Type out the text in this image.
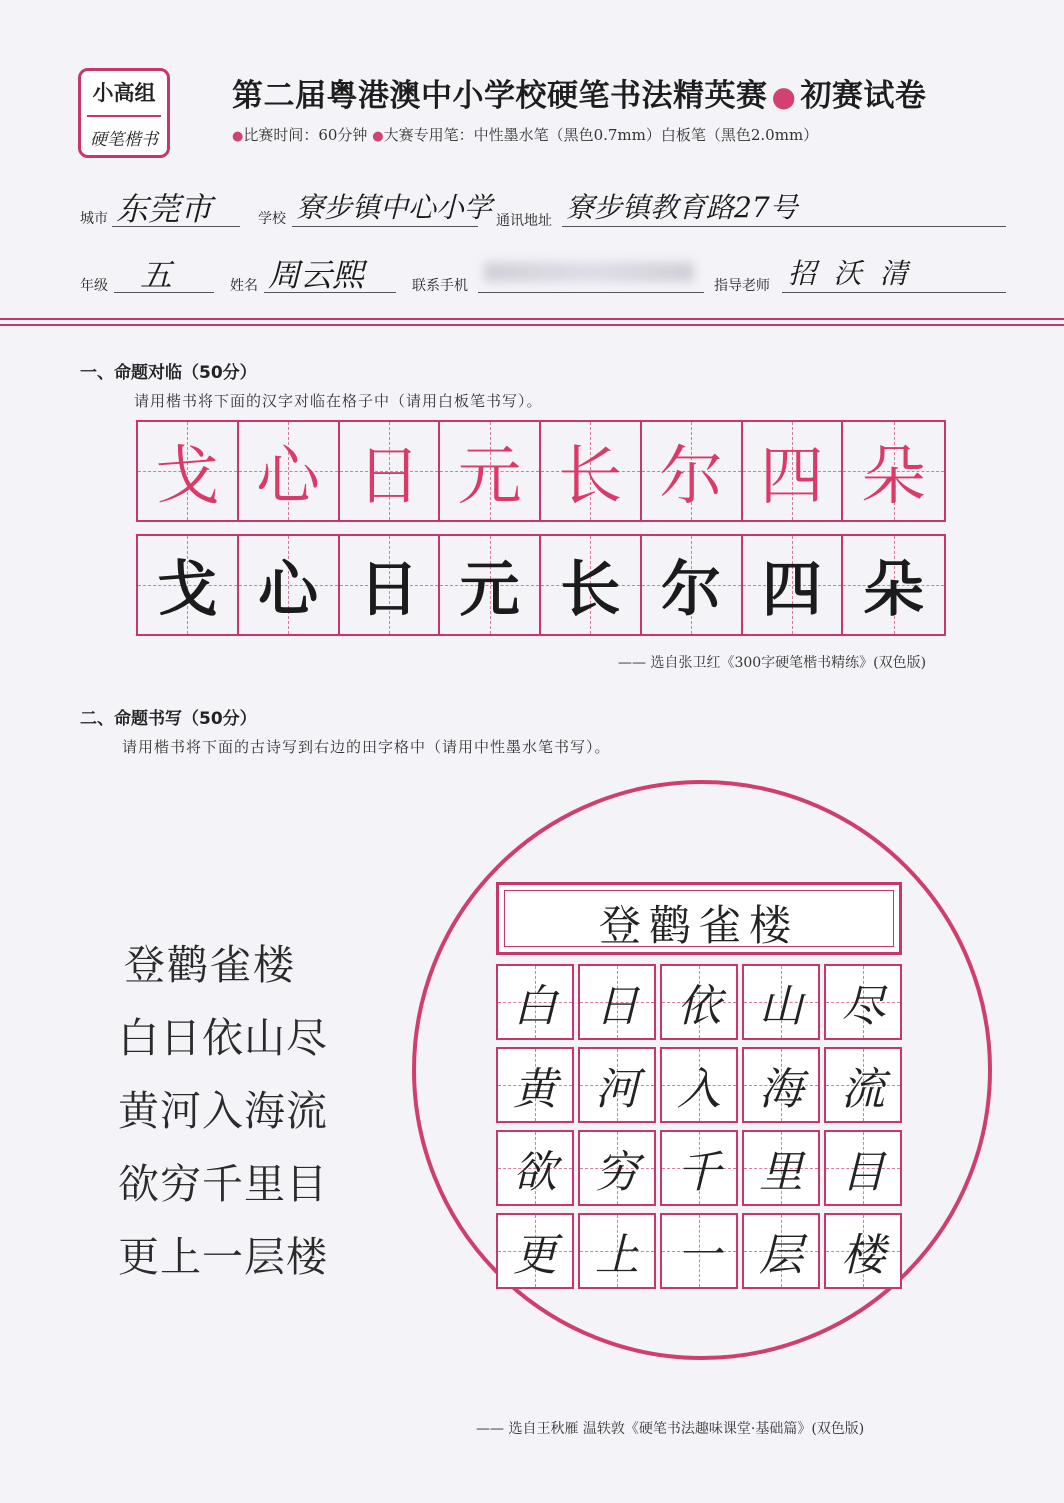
小高组
硬笔楷书
第二届粤港澳中小学校硬笔书法精英赛 ● 初赛试卷
●比赛时间：60分钟 ●大赛专用笔：中性墨水笔（黑色0.7mm）白板笔（黑色2.0mm）
城市 东莞市	学校 寮步镇中心小学 通讯地址 寮步镇教育路27号
年级 五	姓名 周云熙	联系手机	指导老师 招  沃  清
一、命题对临（50分）
请用楷书将下面的汉字对临在格子中（请用白板笔书写）。
戈 心 日 元 长 尔 四 朵
戈 心 日 元 长 尔 四 朵
—— 选自张卫红《300字硬笔楷书精练》(双色版)
二、命题书写（50分）
请用楷书将下面的古诗写到右边的田字格中（请用中性墨水笔书写）。
登鹳雀楼
白日依山尽
黄河入海流
欲穷千里目
更上一层楼
登鹳雀楼
白 日 依 山 尽
黄 河 入 海 流
欲 穷 千 里 目
更 上 一 层 楼
—— 选自王秋雁 温轶敦《硬笔书法趣味课堂·基础篇》(双色版)
